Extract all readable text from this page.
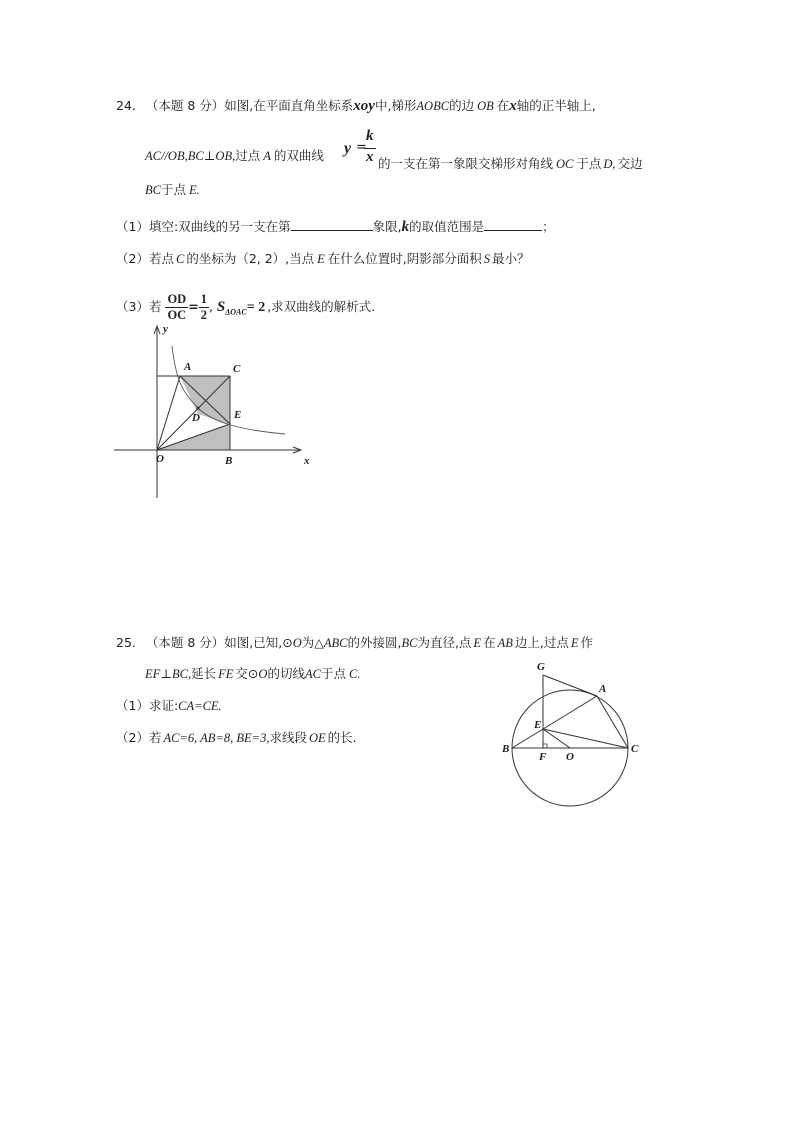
24. （本题 8 分）如图,在平面直角坐标系xoy中,梯形AOBC的边 OB 在x轴的正半轴上,
AC//OB,BC⊥OB,过点 A 的双曲线 y =
k
x 的一支在第一象限交梯形对角线 OC 于点 D, 交边
BC于点 E.
（1）填空:双曲线的另一支在第	象限,k的取值范围是	；
（2）若点 C 的坐标为（2, 2）,当点 E 在什么位置时,阴影部分面积 S 最小？
（3）若 $\frac{OD}{OC} = \frac{1}{2}$ , $S_{\Delta OAC}= 2$ ,求双曲线的解析式.
y
A	C
D	E
O	B	x
25. （本题 8 分）如图,已知,⊙O为△ABC的外接圆,BC为直径,点 E 在 AB 边上,过点 E 作
EF⊥BC,延长 FE 交⊙O的切线AC于点 C.
（1）求证:CA=CE.
（2）若 AC=6, AB=8, BE=3,求线段 OE 的长.
G
A
E
B
F O
C
